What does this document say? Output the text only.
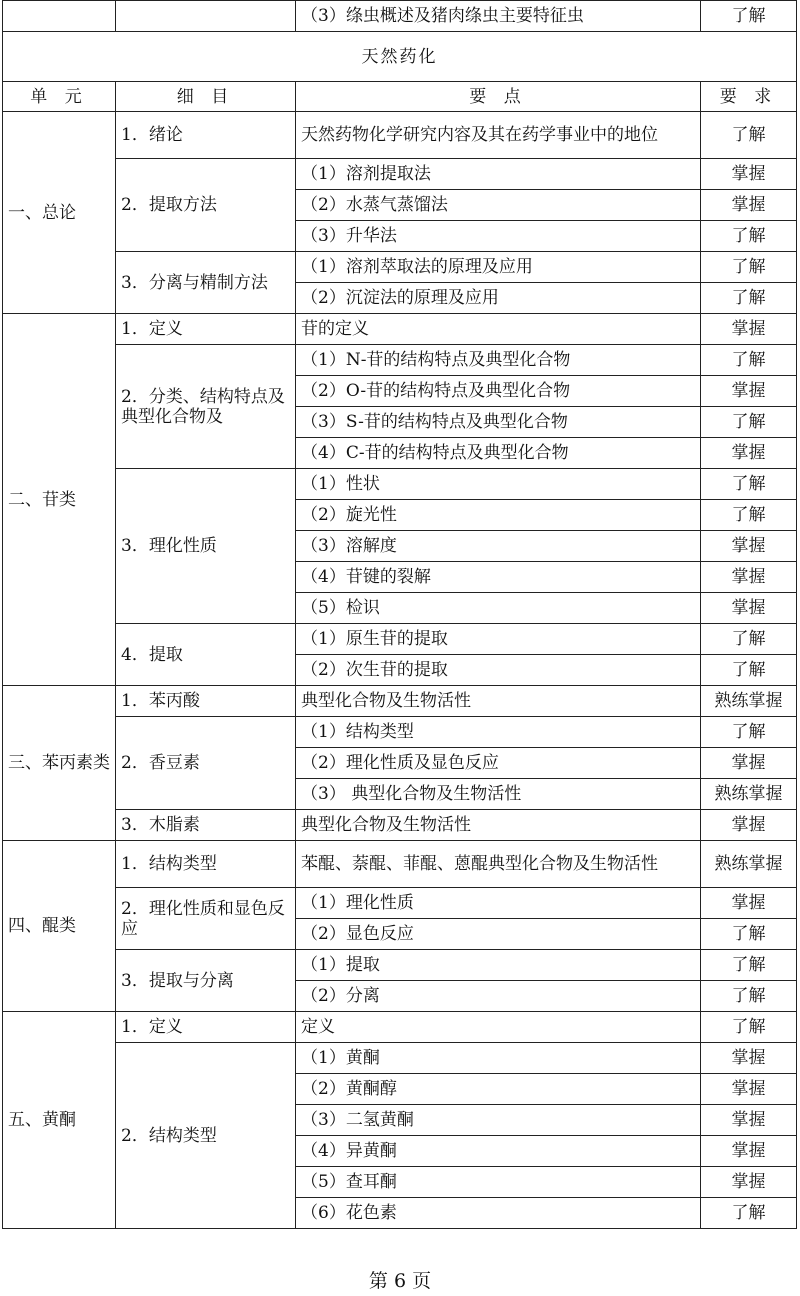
		（3）绦虫概述及猪肉绦虫主要特征虫	了解
天然药化			
单 元	细 目	要 点	要 求
一、总论	1．绪论	天然药物化学研究内容及其在药学事业中的地位	了解
	2．提取方法	（1）溶剂提取法	掌握
		（2）水蒸气蒸馏法	掌握
		（3）升华法	了解
	3．分离与精制方法	（1）溶剂萃取法的原理及应用	了解
		（2）沉淀法的原理及应用	了解
二、苷类	1．定义	苷的定义	掌握
	2．分类、结构特点及典型化合物及	（1）N-苷的结构特点及典型化合物	了解
		（2）O-苷的结构特点及典型化合物	掌握
		（3）S-苷的结构特点及典型化合物	了解
		（4）C-苷的结构特点及典型化合物	掌握
	3．理化性质	（1）性状	了解
		（2）旋光性	了解
		（3）溶解度	掌握
		（4）苷键的裂解	掌握
		（5）检识	掌握
	4．提取	（1）原生苷的提取	了解
		（2）次生苷的提取	了解
三、苯丙素类	1．苯丙酸	典型化合物及生物活性	熟练掌握
	2．香豆素	（1）结构类型	了解
		（2）理化性质及显色反应	掌握
		（3） 典型化合物及生物活性	熟练掌握
	3．木脂素	典型化合物及生物活性	掌握
四、醌类	1．结构类型	苯醌、萘醌、菲醌、蒽醌典型化合物及生物活性	熟练掌握
	2．理化性质和显色反应	（1）理化性质	掌握
		（2）显色反应	了解
	3．提取与分离	（1）提取	了解
		（2）分离	了解
五、黄酮	1．定义	定义	了解
	2．结构类型	（1）黄酮	掌握
		（2）黄酮醇	掌握
		（3）二氢黄酮	掌握
		（4）异黄酮	掌握
		（5）查耳酮	掌握
		（6）花色素	了解
第 6 页
